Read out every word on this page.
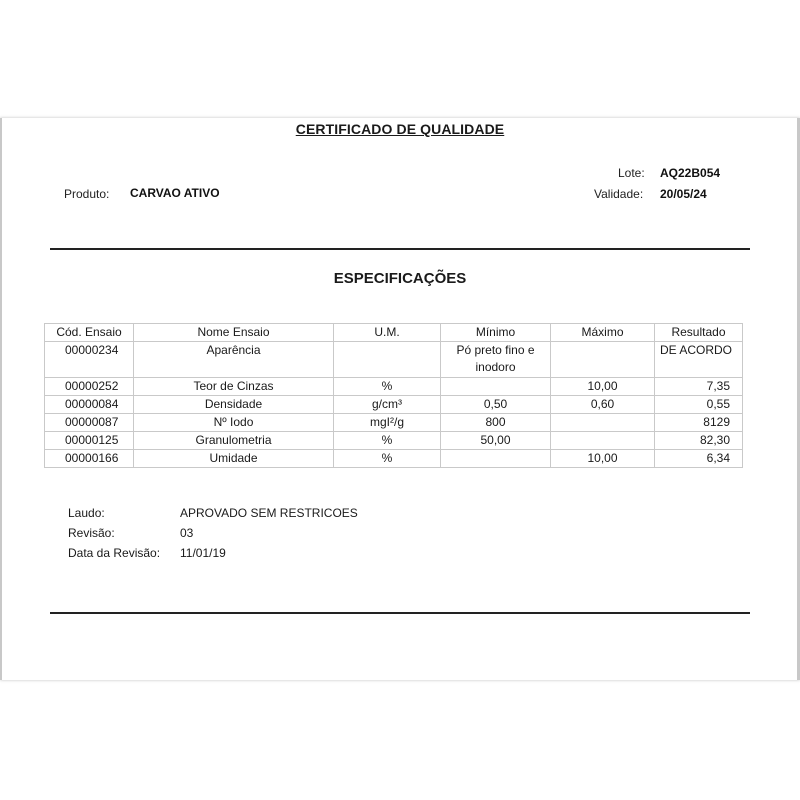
CERTIFICADO DE QUALIDADE
Lote: AQ22B054
Produto: CARVAO ATIVO	Validade: 20/05/24
ESPECIFICAÇÕES
Cód. Ensaio	Nome Ensaio	U.M.	Mínimo	Máximo	Resultado
00000234	Aparência		Pó preto fino e inodoro		DE ACORDO
00000252	Teor de Cinzas	%		10,00	7,35
00000084	Densidade	g/cm³	0,50	0,60	0,55
00000087	Nº Iodo	mgI²/g	800		8129
00000125	Granulometria	%	50,00		82,30
00000166	Umidade	%		10,00	6,34
Laudo:	APROVADO SEM RESTRICOES
Revisão:	03
Data da Revisão: 11/01/19
